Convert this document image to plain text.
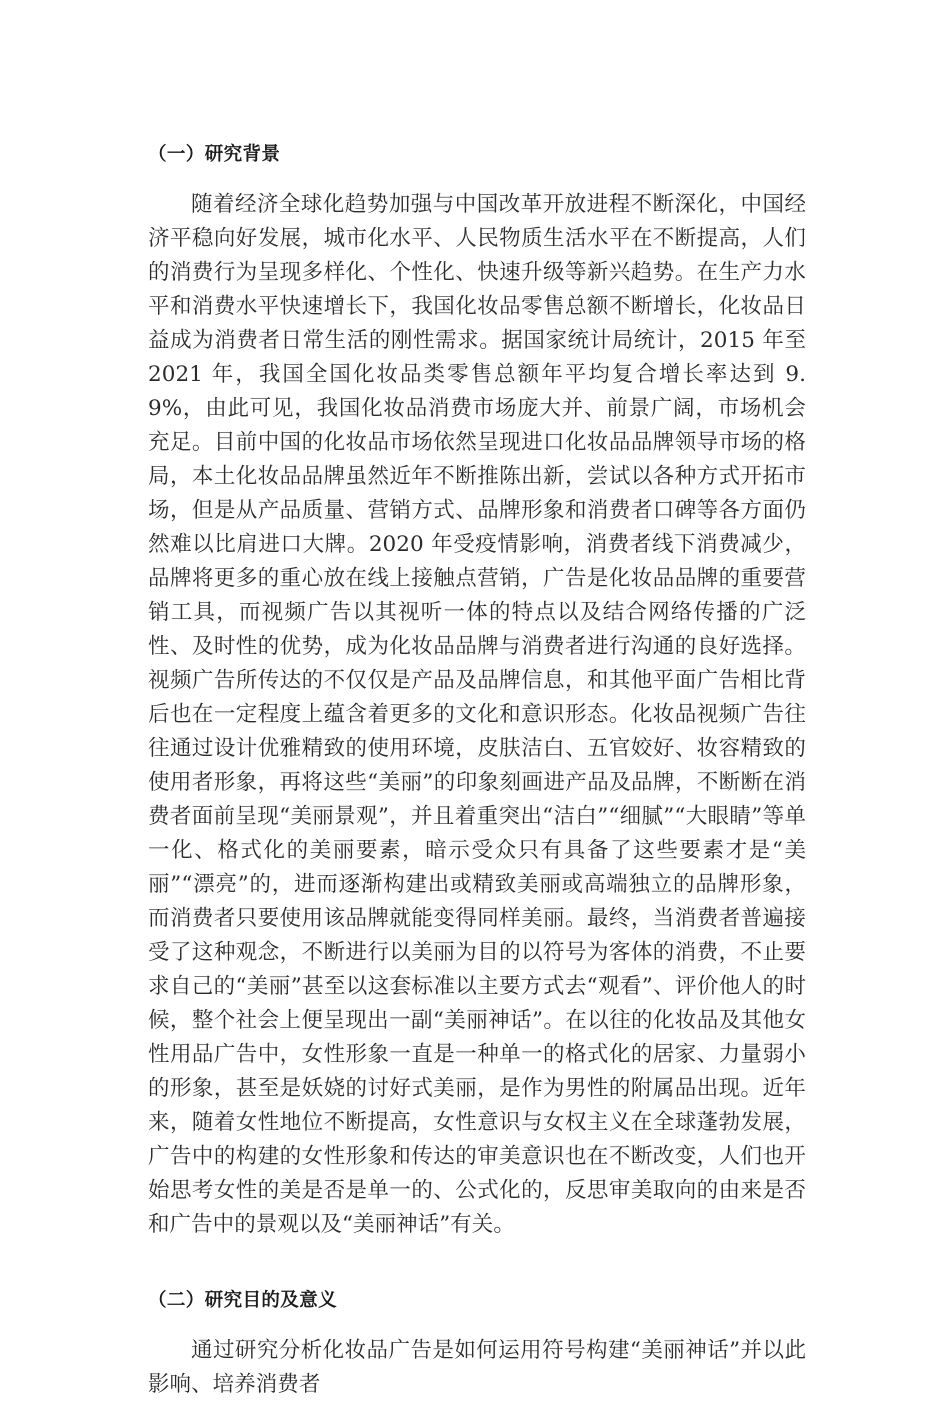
（一）研究背景

随着经济全球化趋势加强与中国改革开放进程不断深化，中国经济平稳向好发展，城市化水平、人民物质生活水平在不断提高，人们的消费行为呈现多样化、个性化、快速升级等新兴趋势。在生产力水平和消费水平快速增长下，我国化妆品零售总额不断增长，化妆品日益成为消费者日常生活的刚性需求。据国家统计局统计，2015 年至 2021 年，我国全国化妆品类零售总额年平均复合增长率达到 9.9%，由此可见，我国化妆品消费市场庞大并、前景广阔，市场机会充足。目前中国的化妆品市场依然呈现进口化妆品品牌领导市场的格局，本土化妆品品牌虽然近年不断推陈出新，尝试以各种方式开拓市场，但是从产品质量、营销方式、品牌形象和消费者口碑等各方面仍然难以比肩进口大牌。2020 年受疫情影响，消费者线下消费减少，品牌将更多的重心放在线上接触点营销，广告是化妆品品牌的重要营销工具，而视频广告以其视听一体的特点以及结合网络传播的广泛性、及时性的优势，成为化妆品品牌与消费者进行沟通的良好选择。视频广告所传达的不仅仅是产品及品牌信息，和其他平面广告相比背后也在一定程度上蕴含着更多的文化和意识形态。化妆品视频广告往往通过设计优雅精致的使用环境，皮肤洁白、五官姣好、妆容精致的使用者形象，再将这些“美丽”的印象刻画进产品及品牌，不断断在消费者面前呈现“美丽景观”，并且着重突出“洁白”“细腻”“大眼睛”等单一化、格式化的美丽要素，暗示受众只有具备了这些要素才是“美丽”“漂亮”的，进而逐渐构建出或精致美丽或高端独立的品牌形象，而消费者只要使用该品牌就能变得同样美丽。最终，当消费者普遍接受了这种观念，不断进行以美丽为目的以符号为客体的消费，不止要求自己的“美丽”甚至以这套标准以主要方式去“观看”、评价他人的时候，整个社会上便呈现出一副“美丽神话”。在以往的化妆品及其他女性用品广告中，女性形象一直是一种单一的格式化的居家、力量弱小的形象，甚至是妖娆的讨好式美丽，是作为男性的附属品出现。近年来，随着女性地位不断提高，女性意识与女权主义在全球蓬勃发展，广告中的构建的女性形象和传达的审美意识也在不断改变，人们也开始思考女性的美是否是单一的、公式化的，反思审美取向的由来是否和广告中的景观以及“美丽神话”有关。

（二）研究目的及意义

通过研究分析化妆品广告是如何运用符号构建“美丽神话”并以此影响、培养消费者
